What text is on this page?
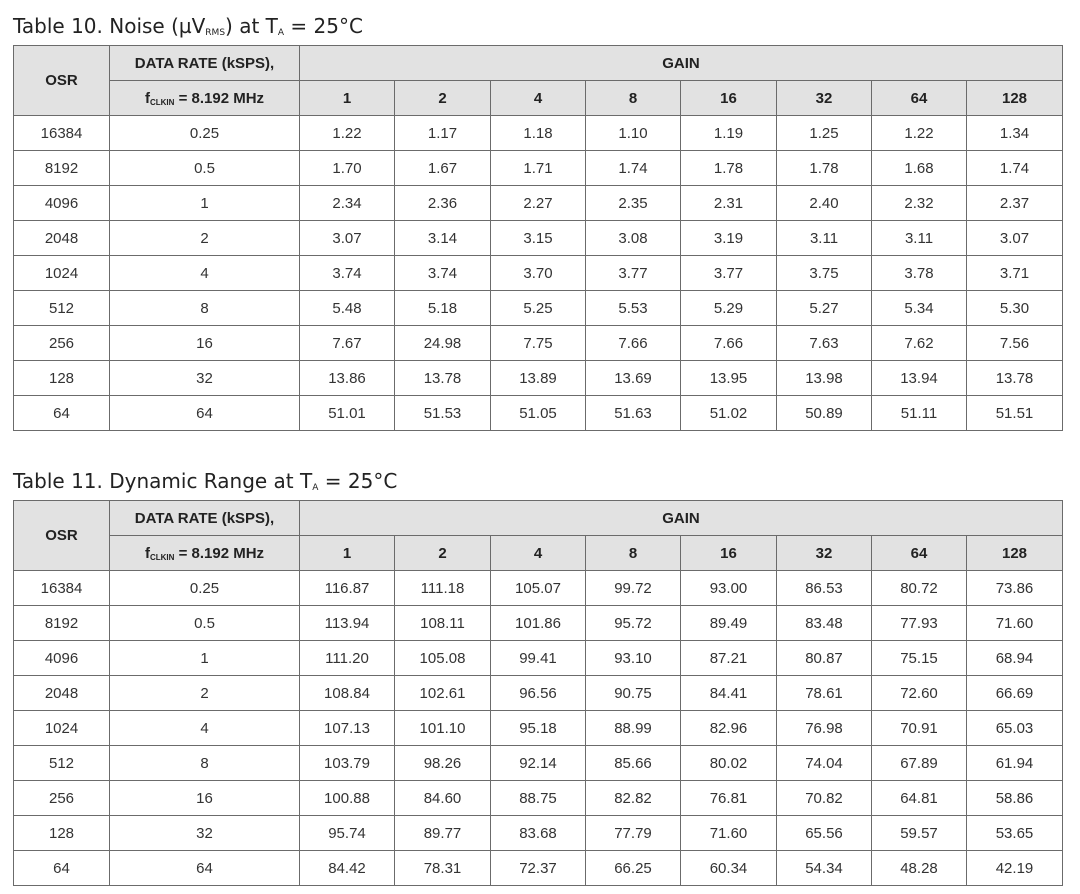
Table 10. Noise (µV$_{RMS}$) at $T_A = 25^\circ C$
OSR	DATA RATE (kSPS),	GAIN							
	$f_{CLKIN} = 8.192$ MHz	1	2	4	8	16	32	64	128
16384	0.25	1.22	1.17	1.18	1.10	1.19	1.25	1.22	1.34
8192	0.5	1.70	1.67	1.71	1.74	1.78	1.78	1.68	1.74
4096	1	2.34	2.36	2.27	2.35	2.31	2.40	2.32	2.37
2048	2	3.07	3.14	3.15	3.08	3.19	3.11	3.11	3.07
1024	4	3.74	3.74	3.70	3.77	3.77	3.75	3.78	3.71
512	8	5.48	5.18	5.25	5.53	5.29	5.27	5.34	5.30
256	16	7.67	24.98	7.75	7.66	7.66	7.63	7.62	7.56
128	32	13.86	13.78	13.89	13.69	13.95	13.98	13.94	13.78
64	64	51.01	51.53	51.05	51.63	51.02	50.89	51.11	51.51
Table 11. Dynamic Range at $T_A = 25^\circ C$
OSR	DATA RATE (kSPS),	GAIN							
	$f_{CLKIN} = 8.192$ MHz	1	2	4	8	16	32	64	128
16384	0.25	116.87	111.18	105.07	99.72	93.00	86.53	80.72	73.86
8192	0.5	113.94	108.11	101.86	95.72	89.49	83.48	77.93	71.60
4096	1	111.20	105.08	99.41	93.10	87.21	80.87	75.15	68.94
2048	2	108.84	102.61	96.56	90.75	84.41	78.61	72.60	66.69
1024	4	107.13	101.10	95.18	88.99	82.96	76.98	70.91	65.03
512	8	103.79	98.26	92.14	85.66	80.02	74.04	67.89	61.94
256	16	100.88	84.60	88.75	82.82	76.81	70.82	64.81	58.86
128	32	95.74	89.77	83.68	77.79	71.60	65.56	59.57	53.65
64	64	84.42	78.31	72.37	66.25	60.34	54.34	48.28	42.19
